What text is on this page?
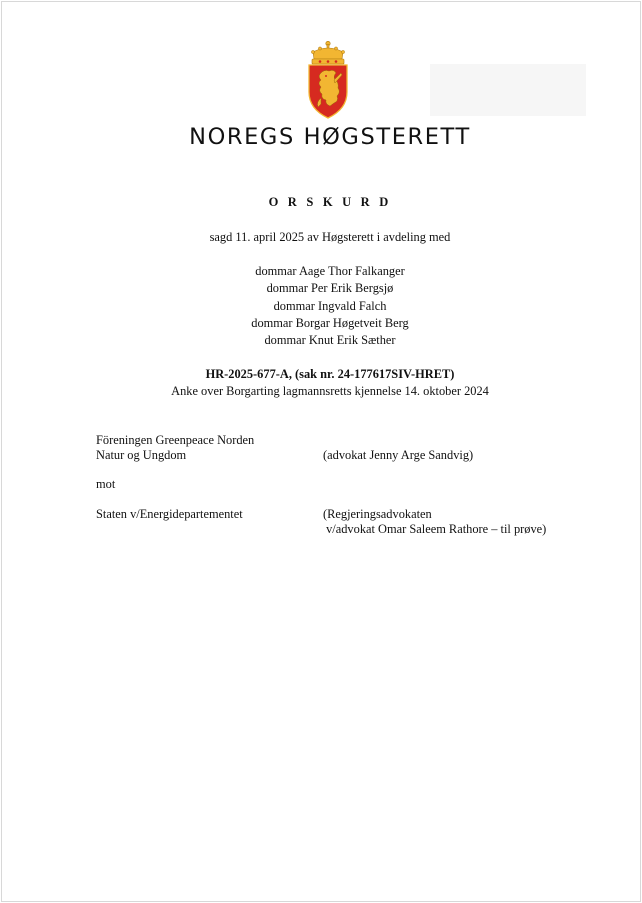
NOREGS HØGSTERETT
O R S K U R D
sagd 11. april 2025 av Høgsterett i avdeling med
dommar Aage Thor Falkanger
dommar Per Erik Bergsjø
dommar Ingvald Falch
dommar Borgar Høgetveit Berg
dommar Knut Erik Sæther
HR-2025-677-A, (sak nr. 24-177617SIV-HRET)
Anke over Borgarting lagmannsretts kjennelse 14. oktober 2024
Föreningen Greenpeace Norden
Natur og Ungdom	(advokat Jenny Arge Sandvig)
mot
Staten v/Energidepartementet	(Regjeringsadvokaten
v/advokat Omar Saleem Rathore – til prøve)
